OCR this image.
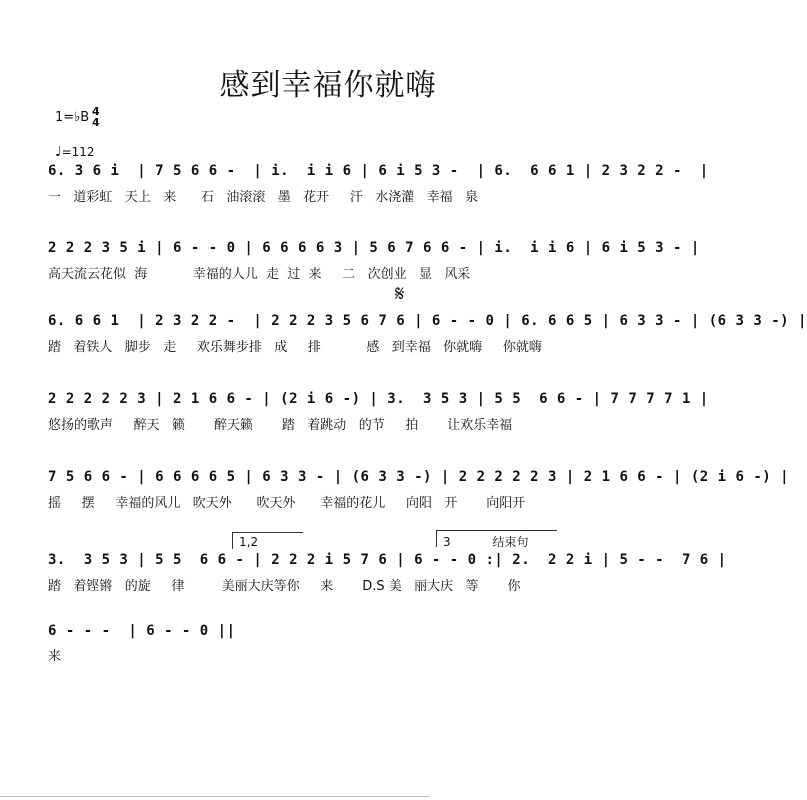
感到幸福你就嗨
1=♭B 4
4
♩=112
6. 3 6 i  | 7 5 6 6 -  | i.  i i 6 | 6 i 5 3 -  | 6.  6 6 1 | 2 3 2 2 -  |
一   道彩虹   天上   来      石   油滚滚   墨   花开     汗   水浇灌   幸福   泉
2 2 2 3 5 i | 6 - - 0 | 6 6 6 6 3 | 5 6 7 6 6 - | i.  i i 6 | 6 i 5 3 - |
高天流云花似  海           幸福的人儿  走  过  来     二   次创业   显   风采
𝄋
6. 6 6 1  | 2 3 2 2 -  | 2 2 2 3 5 6 7 6 | 6 - - 0 | 6. 6 6 5 | 6 3 3 - | (6 3 3 -) |
踏   着铁人   脚步   走     欢乐舞步排   成     排           感   到幸福   你就嗨     你就嗨
2 2 2 2 2 3 | 2 1 6 6 - | (2 i 6 -) | 3.  3 5 3 | 5 5  6 6 - | 7 7 7 7 1 |
悠扬的歌声     醉天   籁       醉天籁       踏   着跳动   的节     拍       让欢乐幸福
7 5 6 6 - | 6 6 6 6 5 | 6 3 3 - | (6 3 3 -) | 2 2 2 2 2 3 | 2 1 6 6 - | (2 i 6 -) |
摇     摆     幸福的风儿   吹天外      吹天外      幸福的花儿     向阳   开       向阳开
1,2	3	结束句
3.  3 5 3 | 5 5  6 6 - | 2 2 2 i 5 7 6 | 6 - - 0 :| 2.  2 2 i | 5 - -  7 6 |
踏   着铿锵   的旋     律         美丽大庆等你     来       D.S 美   丽大庆   等       你
6 - - -  | 6 - - 0 ||
来
